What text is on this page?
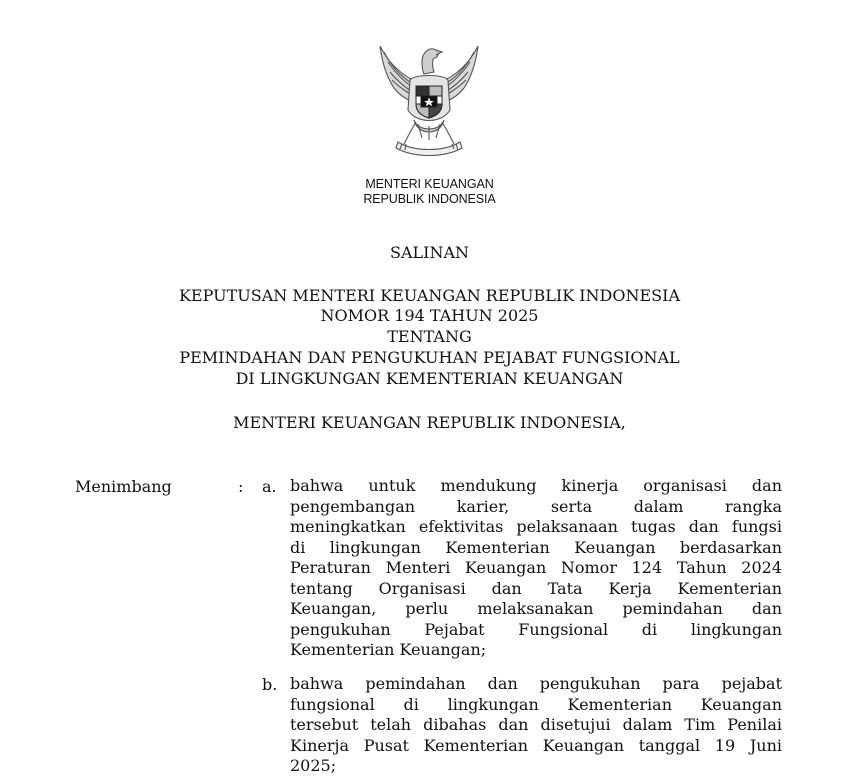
MENTERI KEUANGAN
REPUBLIK INDONESIA
SALINAN
KEPUTUSAN MENTERI KEUANGAN REPUBLIK INDONESIA
NOMOR 194 TAHUN 2025
TENTANG
PEMINDAHAN DAN PENGUKUHAN PEJABAT FUNGSIONAL
DI LINGKUNGAN KEMENTERIAN KEUANGAN
MENTERI KEUANGAN REPUBLIK INDONESIA,
Menimbang	: a. bahwa untuk mendukung kinerja organisasi dan
pengembangan karier, serta dalam rangka
meningkatkan efektivitas pelaksanaan tugas dan fungsi
di lingkungan Kementerian Keuangan berdasarkan
Peraturan Menteri Keuangan Nomor 124 Tahun 2024
tentang Organisasi dan Tata Kerja Kementerian
Keuangan, perlu melaksanakan pemindahan dan
pengukuhan Pejabat Fungsional di lingkungan
Kementerian Keuangan;
b. bahwa pemindahan dan pengukuhan para pejabat
fungsional di lingkungan Kementerian Keuangan
tersebut telah dibahas dan disetujui dalam Tim Penilai
Kinerja Pusat Kementerian Keuangan tanggal 19 Juni
2025;
